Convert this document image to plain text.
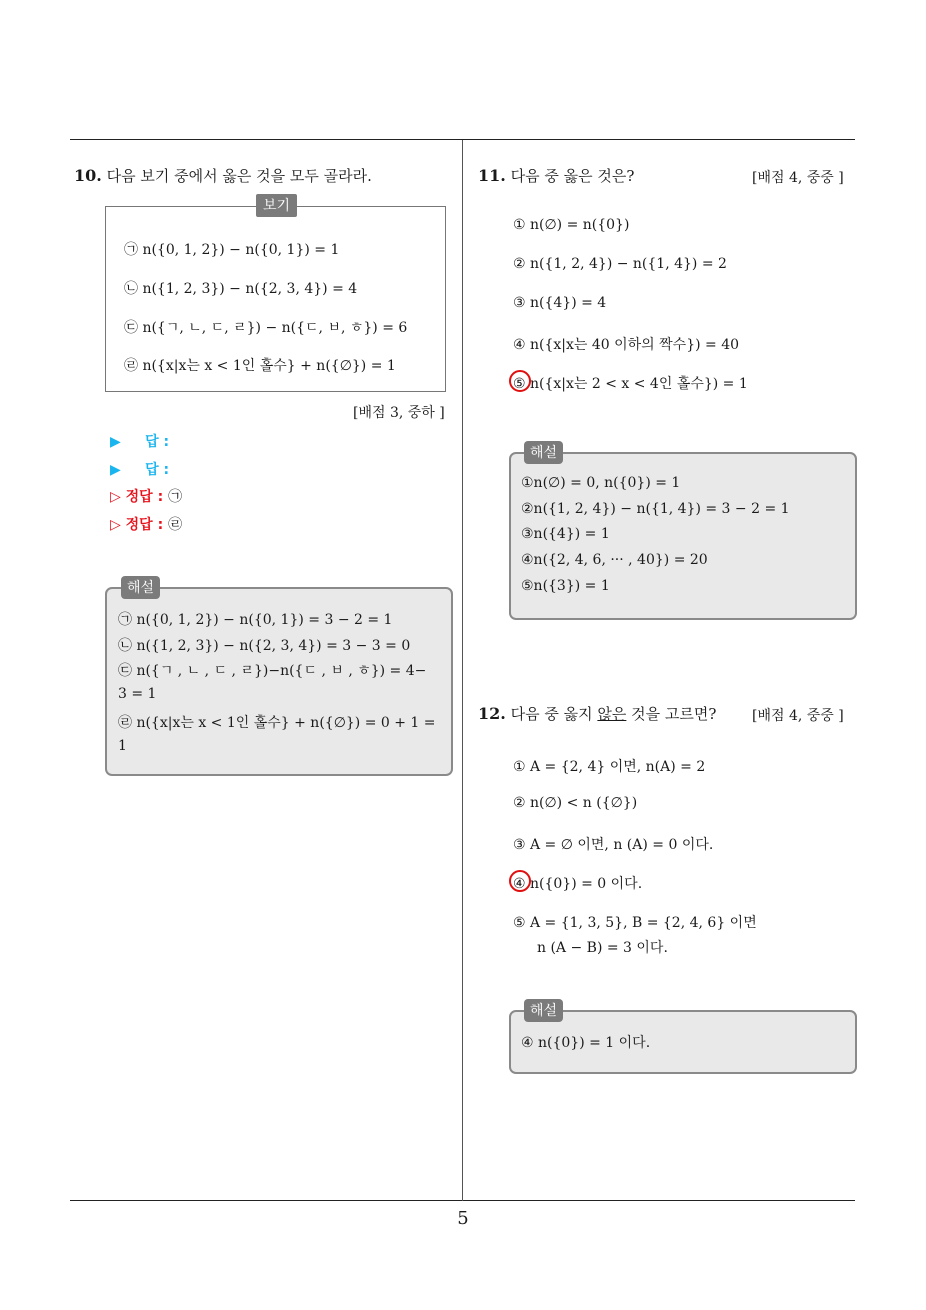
10. 다음 보기 중에서 옳은 것을 모두 골라라.
보기
㉠ n({0, 1, 2}) − n({0, 1}) = 1
㉡ n({1, 2, 3}) − n({2, 3, 4}) = 4
㉢ n({ㄱ, ㄴ, ㄷ, ㄹ}) − n({ㄷ, ㅂ, ㅎ}) = 6
㉣ n({x|x는 x < 1인 홀수} + n({∅}) = 1
[배점 3, 중하 ]
▶ 답 :
▶ 답 :
▷ 정답 : ㉠
▷ 정답 : ㉣
해설
㉠ n({0, 1, 2}) − n({0, 1}) = 3 − 2 = 1
㉡ n({1, 2, 3}) − n({2, 3, 4}) = 3 − 3 = 0
㉢ n({ㄱ , ㄴ , ㄷ , ㄹ})−n({ㄷ , ㅂ , ㅎ}) = 4−
3 = 1
㉣ n({x|x는 x < 1인 홀수} + n({∅}) = 0 + 1 =
1
11. 다음 중 옳은 것은?	[배점 4, 중중 ]
① n(∅) = n({0})
② n({1, 2, 4}) − n({1, 4}) = 2
③ n({4}) = 4
④ n({x|x는 40 이하의 짝수}) = 40
⑤ n({x|x는 2 < x < 4인 홀수}) = 1
해설
①n(∅) = 0, n({0}) = 1
②n({1, 2, 4}) − n({1, 4}) = 3 − 2 = 1
③n({4}) = 1
④n({2, 4, 6, ··· , 40}) = 20
⑤n({3}) = 1
12. 다음 중 옳지 않은 것을 고르면?	[배점 4, 중중 ]
① A = {2, 4} 이면, n(A) = 2
② n(∅) < n ({∅})
③ A = ∅ 이면, n (A) = 0 이다.
④ n({0}) = 0 이다.
⑤ A = {1, 3, 5}, B = {2, 4, 6} 이면
n (A − B) = 3 이다.
해설
④ n({0}) = 1 이다.
5
